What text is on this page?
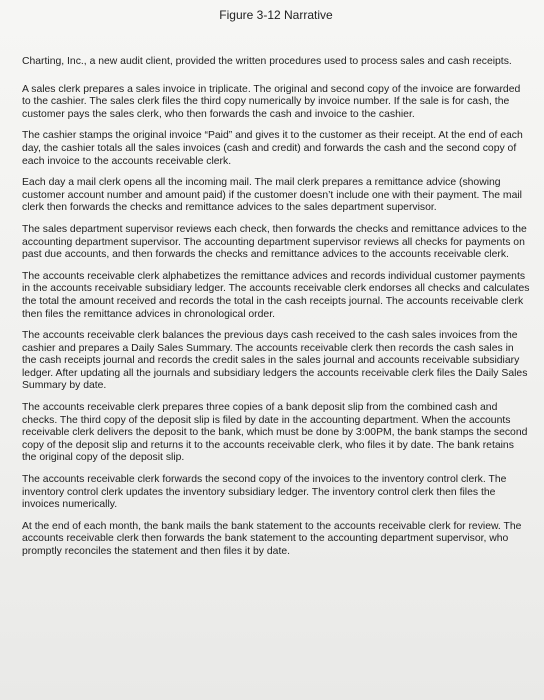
Figure 3-12 Narrative

Charting, Inc., a new audit client, provided the written procedures used to process sales and cash receipts.

A sales clerk prepares a sales invoice in triplicate. The original and second copy of the invoice are forwarded to the cashier. The sales clerk files the third copy numerically by invoice number. If the sale is for cash, the customer pays the sales clerk, who then forwards the cash and invoice to the cashier.

The cashier stamps the original invoice “Paid” and gives it to the customer as their receipt. At the end of each day, the cashier totals all the sales invoices (cash and credit) and forwards the cash and the second copy of each invoice to the accounts receivable clerk.

Each day a mail clerk opens all the incoming mail. The mail clerk prepares a remittance advice (showing customer account number and amount paid) if the customer doesn’t include one with their payment. The mail clerk then forwards the checks and remittance advices to the sales department supervisor.

The sales department supervisor reviews each check, then forwards the checks and remittance advices to the accounting department supervisor. The accounting department supervisor reviews all checks for payments on past due accounts, and then forwards the checks and remittance advices to the accounts receivable clerk.

The accounts receivable clerk alphabetizes the remittance advices and records individual customer payments in the accounts receivable subsidiary ledger. The accounts receivable clerk endorses all checks and calculates the total the amount received and records the total in the cash receipts journal. The accounts receivable clerk then files the remittance advices in chronological order.

The accounts receivable clerk balances the previous days cash received to the cash sales invoices from the cashier and prepares a Daily Sales Summary. The accounts receivable clerk then records the cash sales in the cash receipts journal and records the credit sales in the sales journal and accounts receivable subsidiary ledger. After updating all the journals and subsidiary ledgers the accounts receivable clerk files the Daily Sales Summary by date.

The accounts receivable clerk prepares three copies of a bank deposit slip from the combined cash and checks. The third copy of the deposit slip is filed by date in the accounting department. When the accounts receivable clerk delivers the deposit to the bank, which must be done by 3:00PM, the bank stamps the second copy of the deposit slip and returns it to the accounts receivable clerk, who files it by date. The bank retains the original copy of the deposit slip.

The accounts receivable clerk forwards the second copy of the invoices to the inventory control clerk. The inventory control clerk updates the inventory subsidiary ledger. The inventory control clerk then files the invoices numerically.

At the end of each month, the bank mails the bank statement to the accounts receivable clerk for review. The accounts receivable clerk then forwards the bank statement to the accounting department supervisor, who promptly reconciles the statement and then files it by date.
